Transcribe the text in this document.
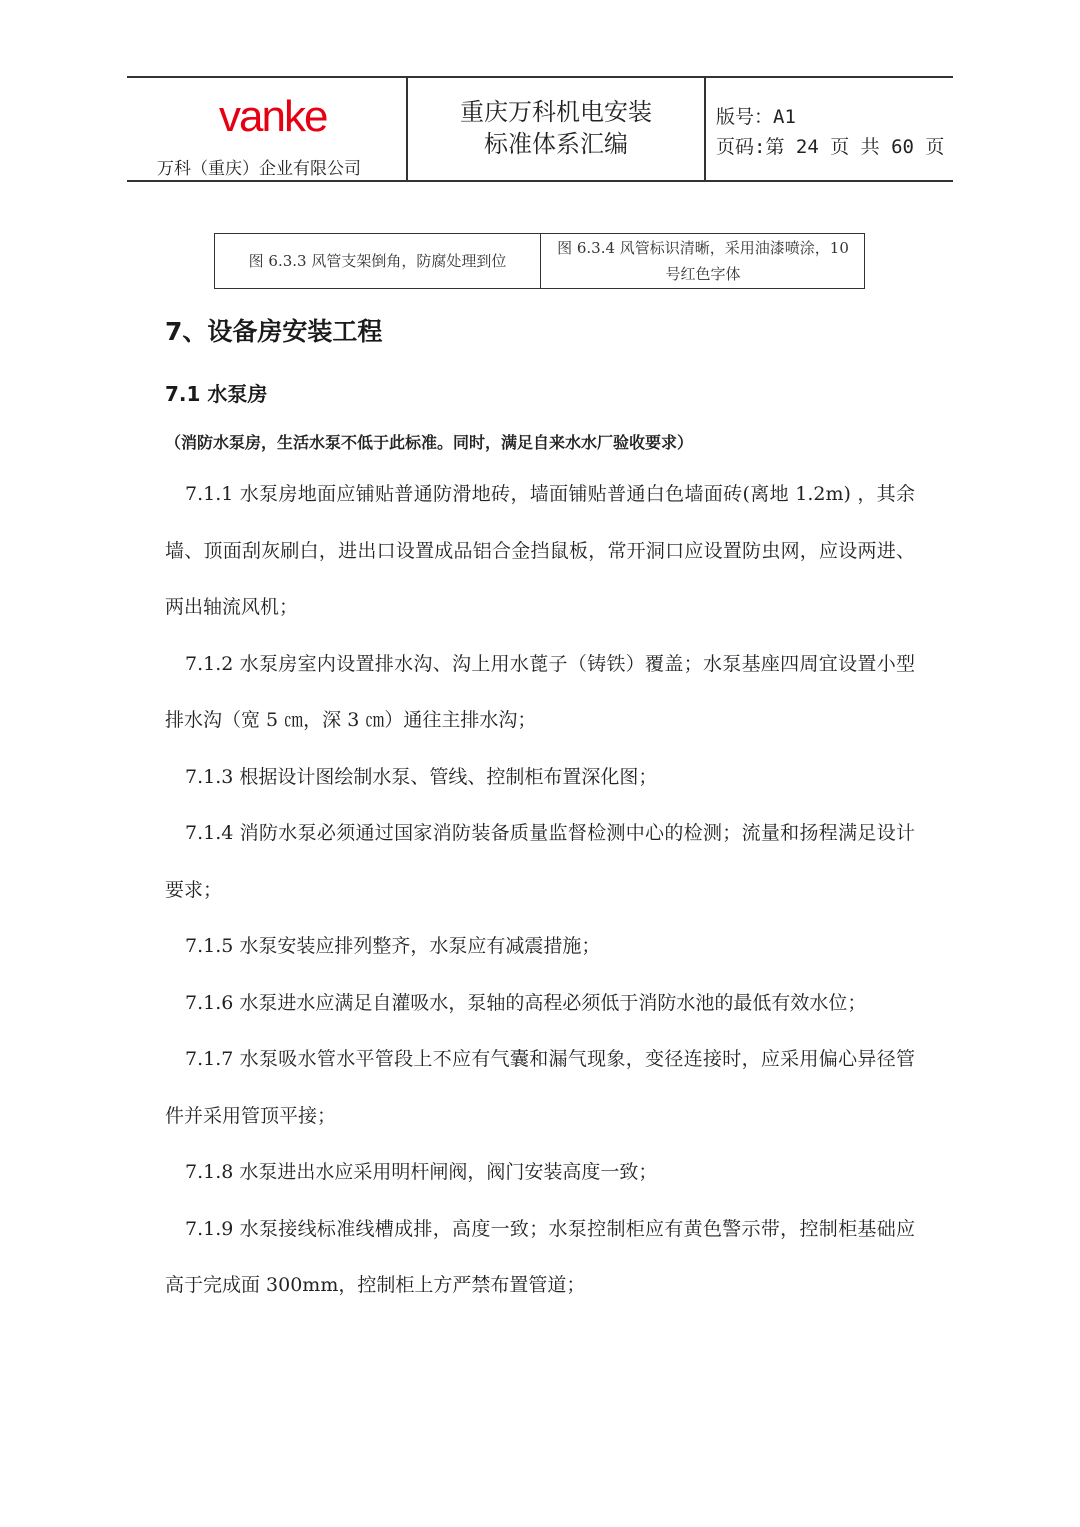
vanke
万科（重庆）企业有限公司
重庆万科机电安装
标准体系汇编
版号：A1
页码:第 24 页 共 60 页
图 6.3.3 风管支架倒角，防腐处理到位
图 6.3.4 风管标识清晰，采用油漆喷涂，10 号红色字体
7、设备房安装工程
7.1 水泵房
（消防水泵房，生活水泵不低于此标准。同时，满足自来水水厂验收要求）

7.1.1 水泵房地面应铺贴普通防滑地砖，墙面铺贴普通白色墙面砖(离地 1.2m) ，其余墙、顶面刮灰刷白，进出口设置成品铝合金挡鼠板，常开洞口应设置防虫网，应设两进、两出轴流风机；

7.1.2 水泵房室内设置排水沟、沟上用水蓖子（铸铁）覆盖；水泵基座四周宜设置小型排水沟（宽 5 ㎝，深 3 ㎝）通往主排水沟；

7.1.3 根据设计图绘制水泵、管线、控制柜布置深化图；

7.1.4 消防水泵必须通过国家消防装备质量监督检测中心的检测；流量和扬程满足设计要求；

7.1.5 水泵安装应排列整齐，水泵应有减震措施；

7.1.6 水泵进水应满足自灌吸水，泵轴的高程必须低于消防水池的最低有效水位；

7.1.7 水泵吸水管水平管段上不应有气囊和漏气现象，变径连接时，应采用偏心异径管件并采用管顶平接；

7.1.8 水泵进出水应采用明杆闸阀，阀门安装高度一致；

7.1.9 水泵接线标准线槽成排，高度一致；水泵控制柜应有黄色警示带，控制柜基础应高于完成面 300mm，控制柜上方严禁布置管道；
